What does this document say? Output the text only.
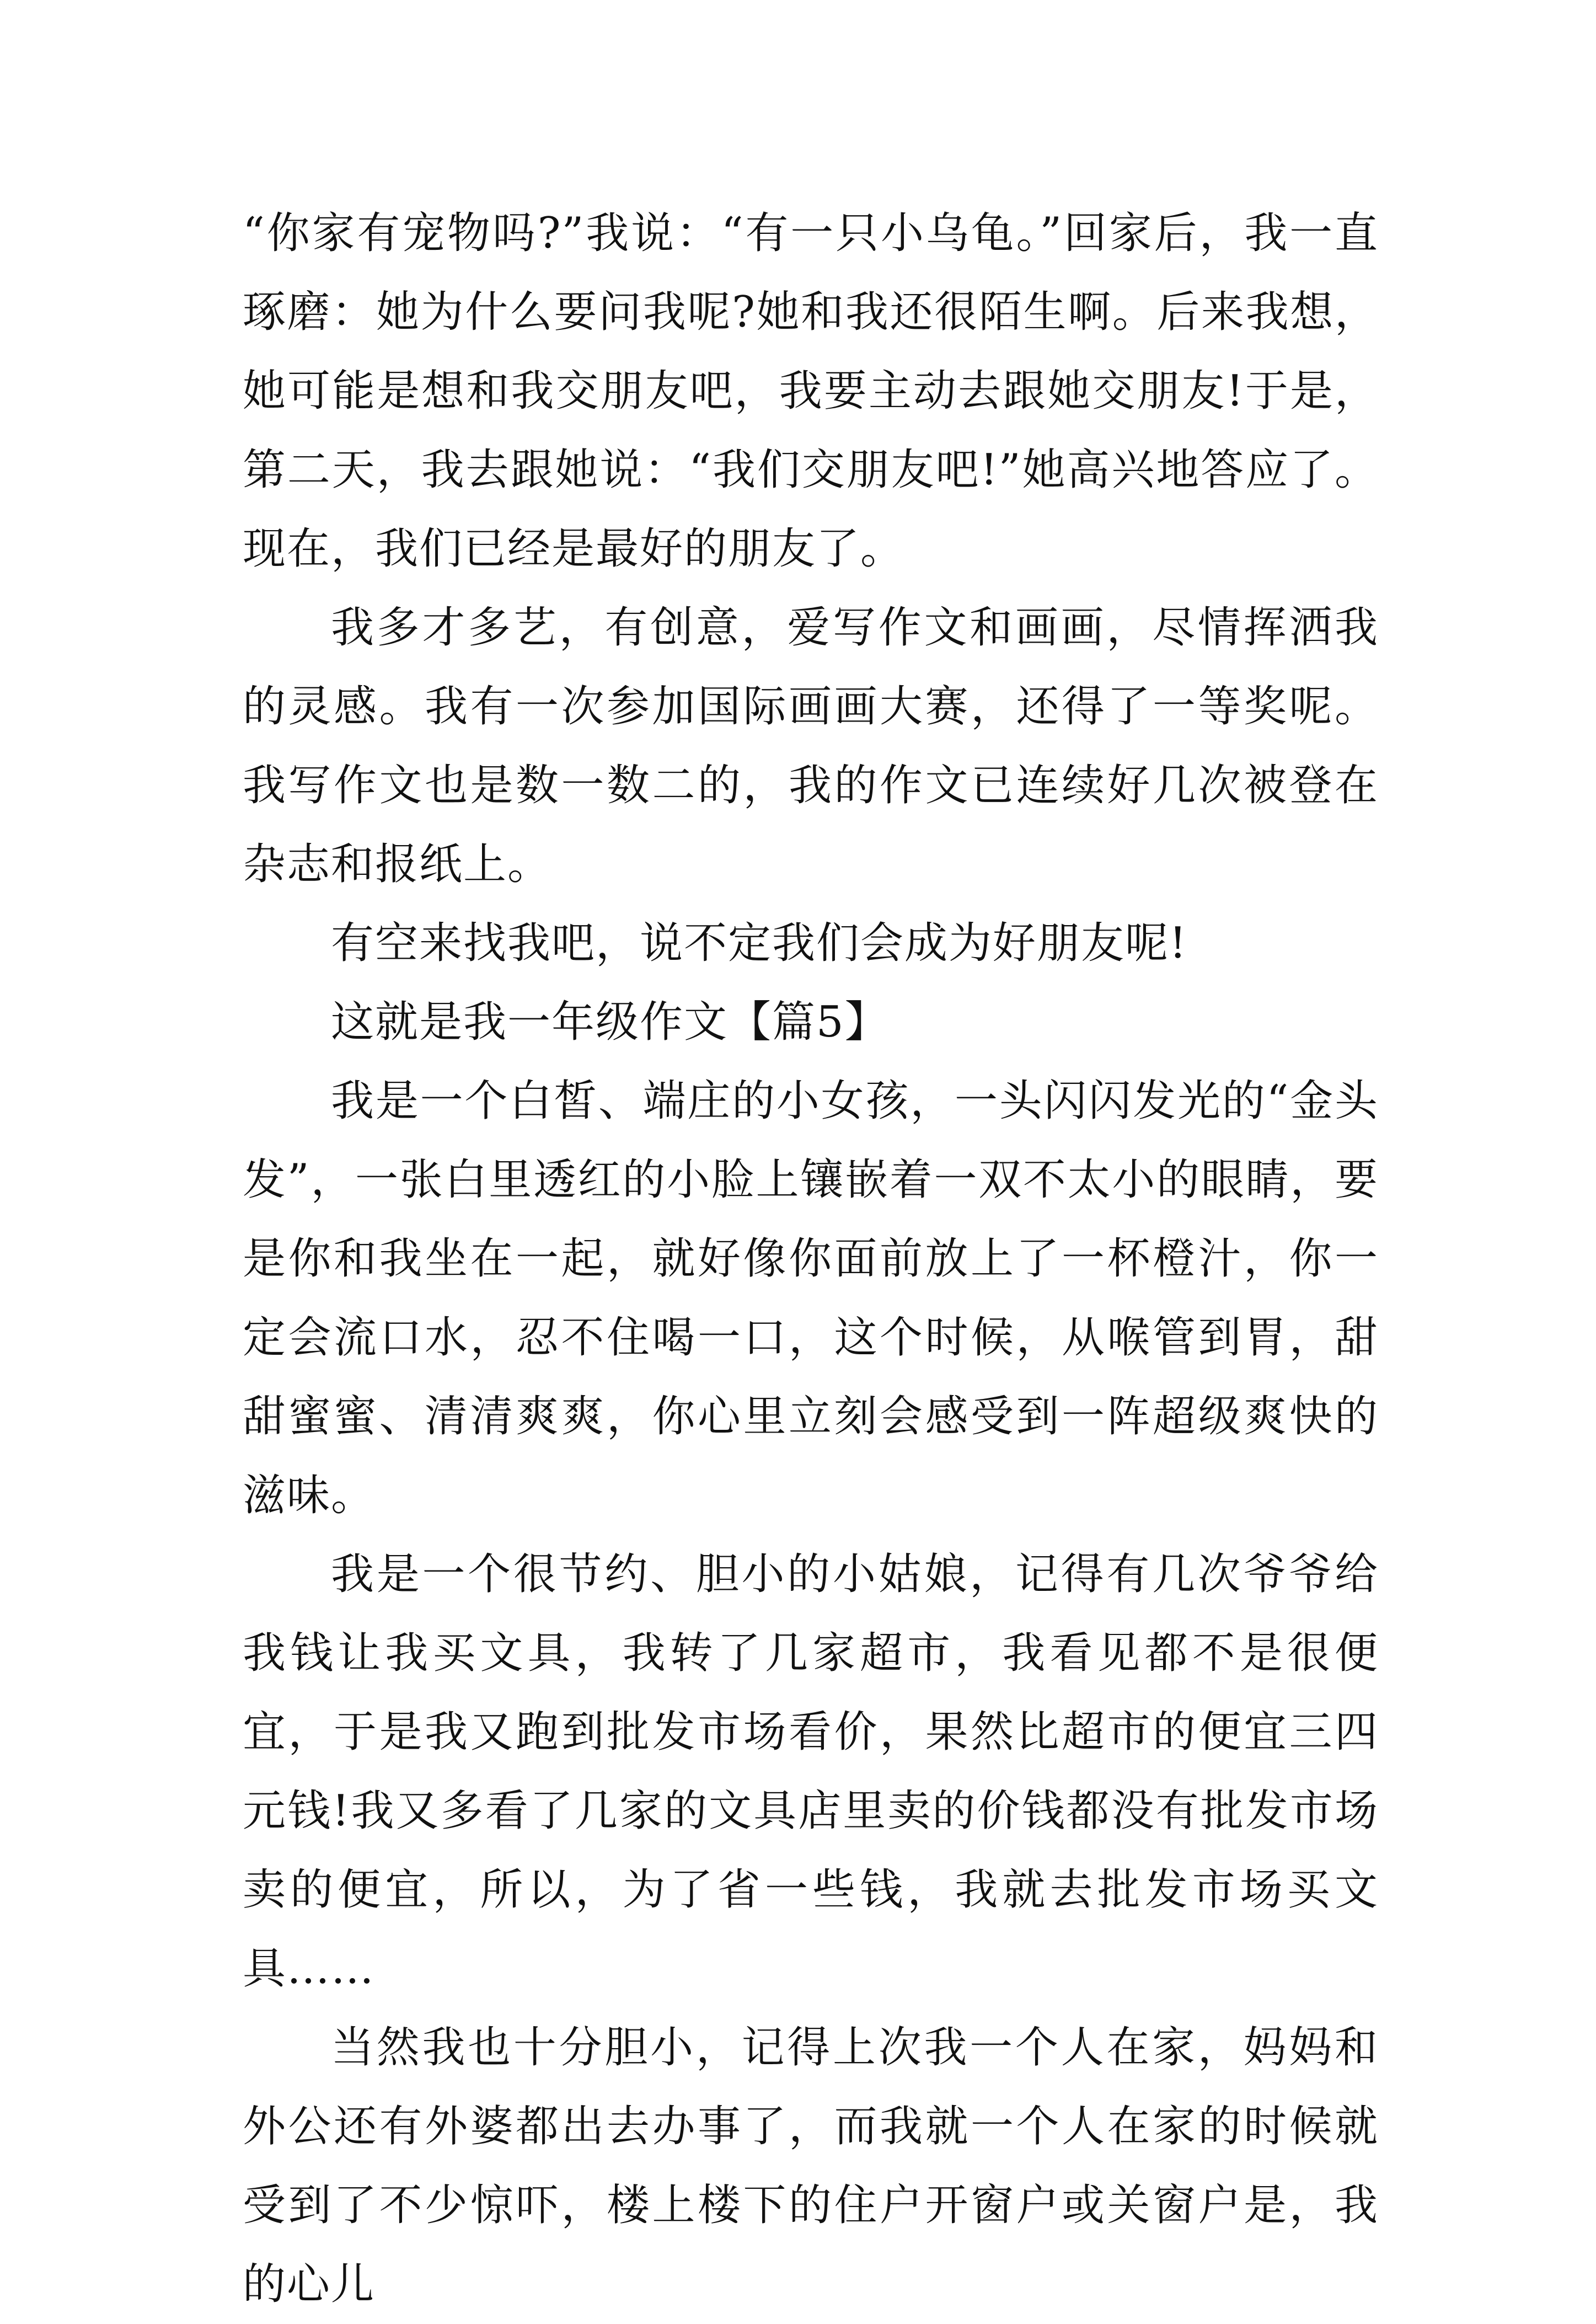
“你家有宠物吗?”我说：“有一只小乌龟。”回家后，我一直琢磨：她为什么要问我呢?她和我还很陌生啊。后来我想，她可能是想和我交朋友吧，我要主动去跟她交朋友!于是，第二天，我去跟她说：“我们交朋友吧!”她高兴地答应了。现在，我们已经是最好的朋友了。

我多才多艺，有创意，爱写作文和画画，尽情挥洒我的灵感。我有一次参加国际画画大赛，还得了一等奖呢。我写作文也是数一数二的，我的作文已连续好几次被登在杂志和报纸上。

有空来找我吧，说不定我们会成为好朋友呢!

这就是我一年级作文【篇5】

我是一个白皙、端庄的小女孩，一头闪闪发光的“金头发”，一张白里透红的小脸上镶嵌着一双不太小的眼睛，要是你和我坐在一起，就好像你面前放上了一杯橙汁，你一定会流口水，忍不住喝一口，这个时候，从喉管到胃，甜甜蜜蜜、清清爽爽，你心里立刻会感受到一阵超级爽快的滋味。

我是一个很节约、胆小的小姑娘，记得有几次爷爷给我钱让我买文具，我转了几家超市，我看见都不是很便宜，于是我又跑到批发市场看价，果然比超市的便宜三四元钱!我又多看了几家的文具店里卖的价钱都没有批发市场卖的便宜，所以，为了省一些钱，我就去批发市场买文具……

当然我也十分胆小，记得上次我一个人在家，妈妈和外公还有外婆都出去办事了，而我就一个人在家的时候就受到了不少惊吓，楼上楼下的住户开窗户或关窗户是，我的心儿
